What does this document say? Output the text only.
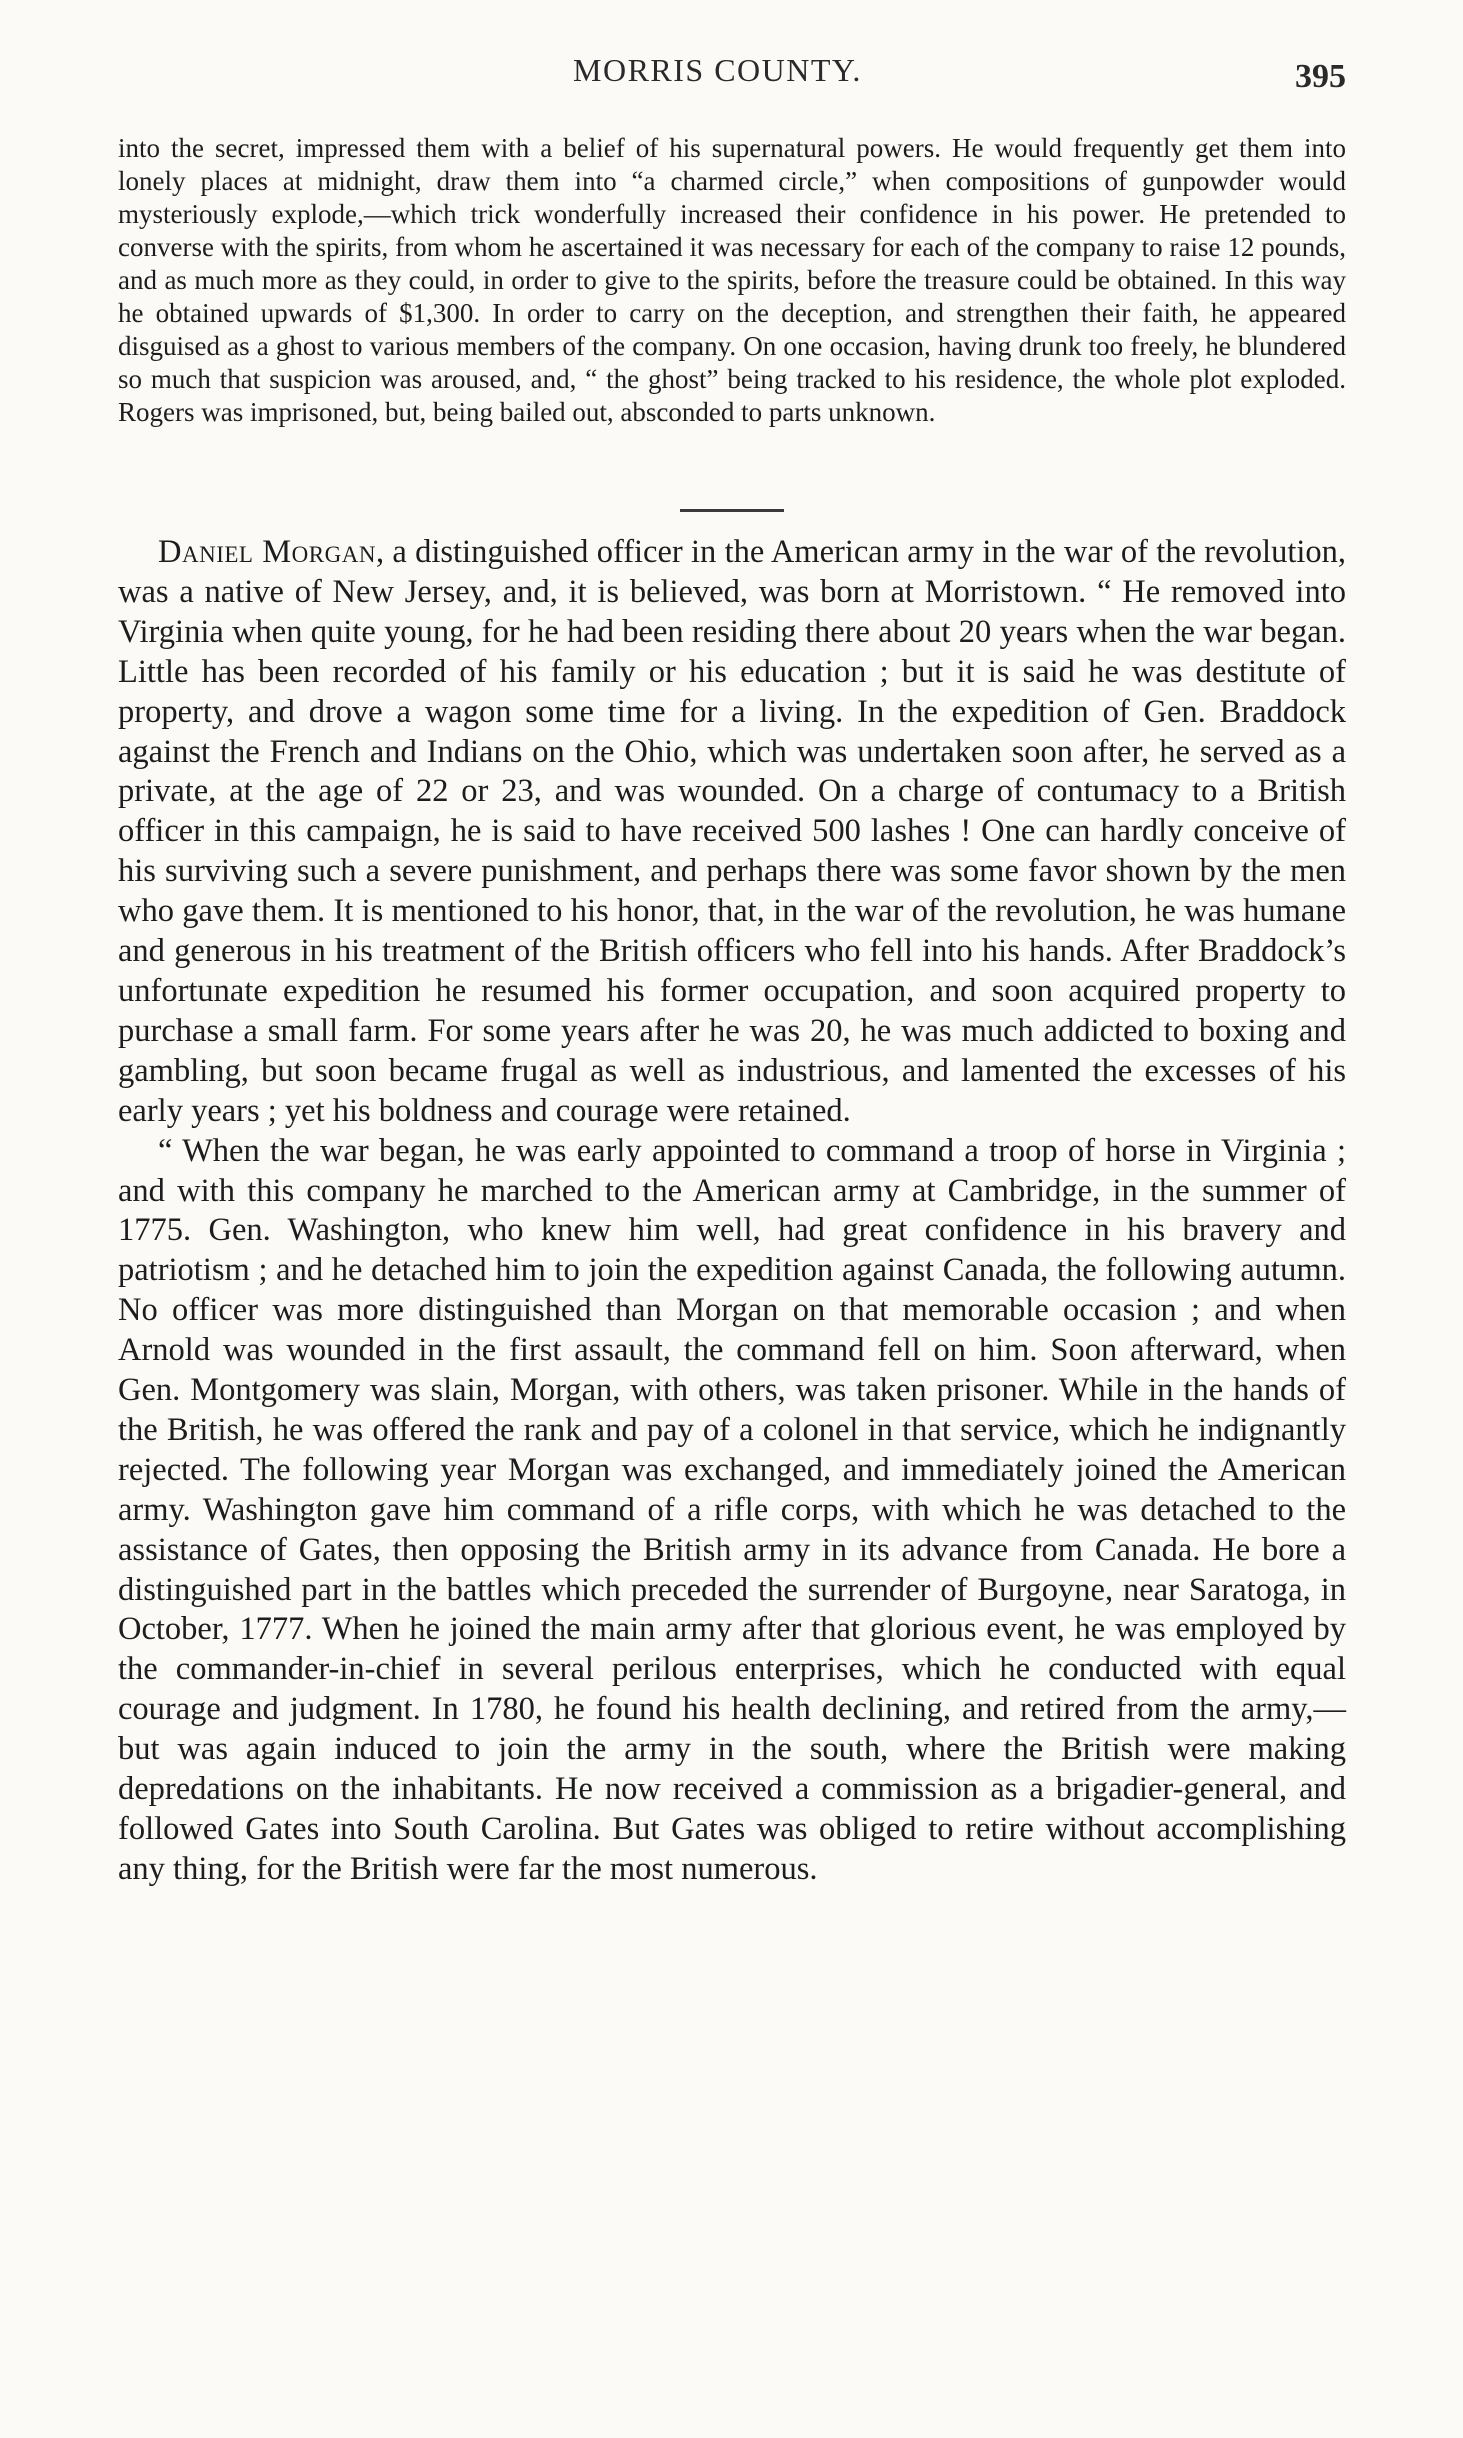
MORRIS COUNTY.	395

into the secret, impressed them with a belief of his supernatural powers. He would frequently get them into lonely places at midnight, draw them into “a charmed circle,” when compositions of gunpowder would mysteriously explode,—which trick wonderfully increased their confidence in his power. He pretended to converse with the spirits, from whom he ascertained it was necessary for each of the company to raise 12 pounds, and as much more as they could, in order to give to the spirits, before the treasure could be obtained. In this way he obtained upwards of $1,300. In order to carry on the deception, and strengthen their faith, he appeared disguised as a ghost to various members of the company. On one occasion, having drunk too freely, he blundered so much that suspicion was aroused, and, “ the ghost” being tracked to his residence, the whole plot exploded. Rogers was imprisoned, but, being bailed out, absconded to parts unknown.

Daniel Morgan, a distinguished officer in the American army in the war of the revolution, was a native of New Jersey, and, it is believed, was born at Morristown. “ He removed into Virginia when quite young, for he had been residing there about 20 years when the war began. Little has been recorded of his family or his education ; but it is said he was destitute of property, and drove a wagon some time for a living. In the expedition of Gen. Braddock against the French and Indians on the Ohio, which was undertaken soon after, he served as a private, at the age of 22 or 23, and was wounded. On a charge of contumacy to a British officer in this campaign, he is said to have received 500 lashes ! One can hardly conceive of his surviving such a severe punishment, and perhaps there was some favor shown by the men who gave them. It is mentioned to his honor, that, in the war of the revolution, he was humane and generous in his treatment of the British officers who fell into his hands. After Braddock’s unfortunate expedition he resumed his former occupation, and soon acquired property to purchase a small farm. For some years after he was 20, he was much addicted to boxing and gambling, but soon became frugal as well as industrious, and lamented the excesses of his early years ; yet his boldness and courage were retained.

“ When the war began, he was early appointed to command a troop of horse in Virginia ; and with this company he marched to the American army at Cambridge, in the summer of 1775. Gen. Washington, who knew him well, had great confidence in his bravery and patriotism ; and he detached him to join the expedition against Canada, the following autumn. No officer was more distinguished than Morgan on that memorable occasion ; and when Arnold was wounded in the first assault, the command fell on him. Soon afterward, when Gen. Montgomery was slain, Morgan, with others, was taken prisoner. While in the hands of the British, he was offered the rank and pay of a colonel in that service, which he indignantly rejected. The following year Morgan was exchanged, and immediately joined the American army. Washington gave him command of a rifle corps, with which he was detached to the assistance of Gates, then opposing the British army in its advance from Canada. He bore a distinguished part in the battles which preceded the surrender of Burgoyne, near Saratoga, in October, 1777. When he joined the main army after that glorious event, he was employed by the commander-in-chief in several perilous enterprises, which he conducted with equal courage and judgment. In 1780, he found his health declining, and retired from the army,—but was again induced to join the army in the south, where the British were making depredations on the inhabitants. He now received a commission as a brigadier-general, and followed Gates into South Carolina. But Gates was obliged to retire without accomplishing any thing, for the British were far the most numerous.
